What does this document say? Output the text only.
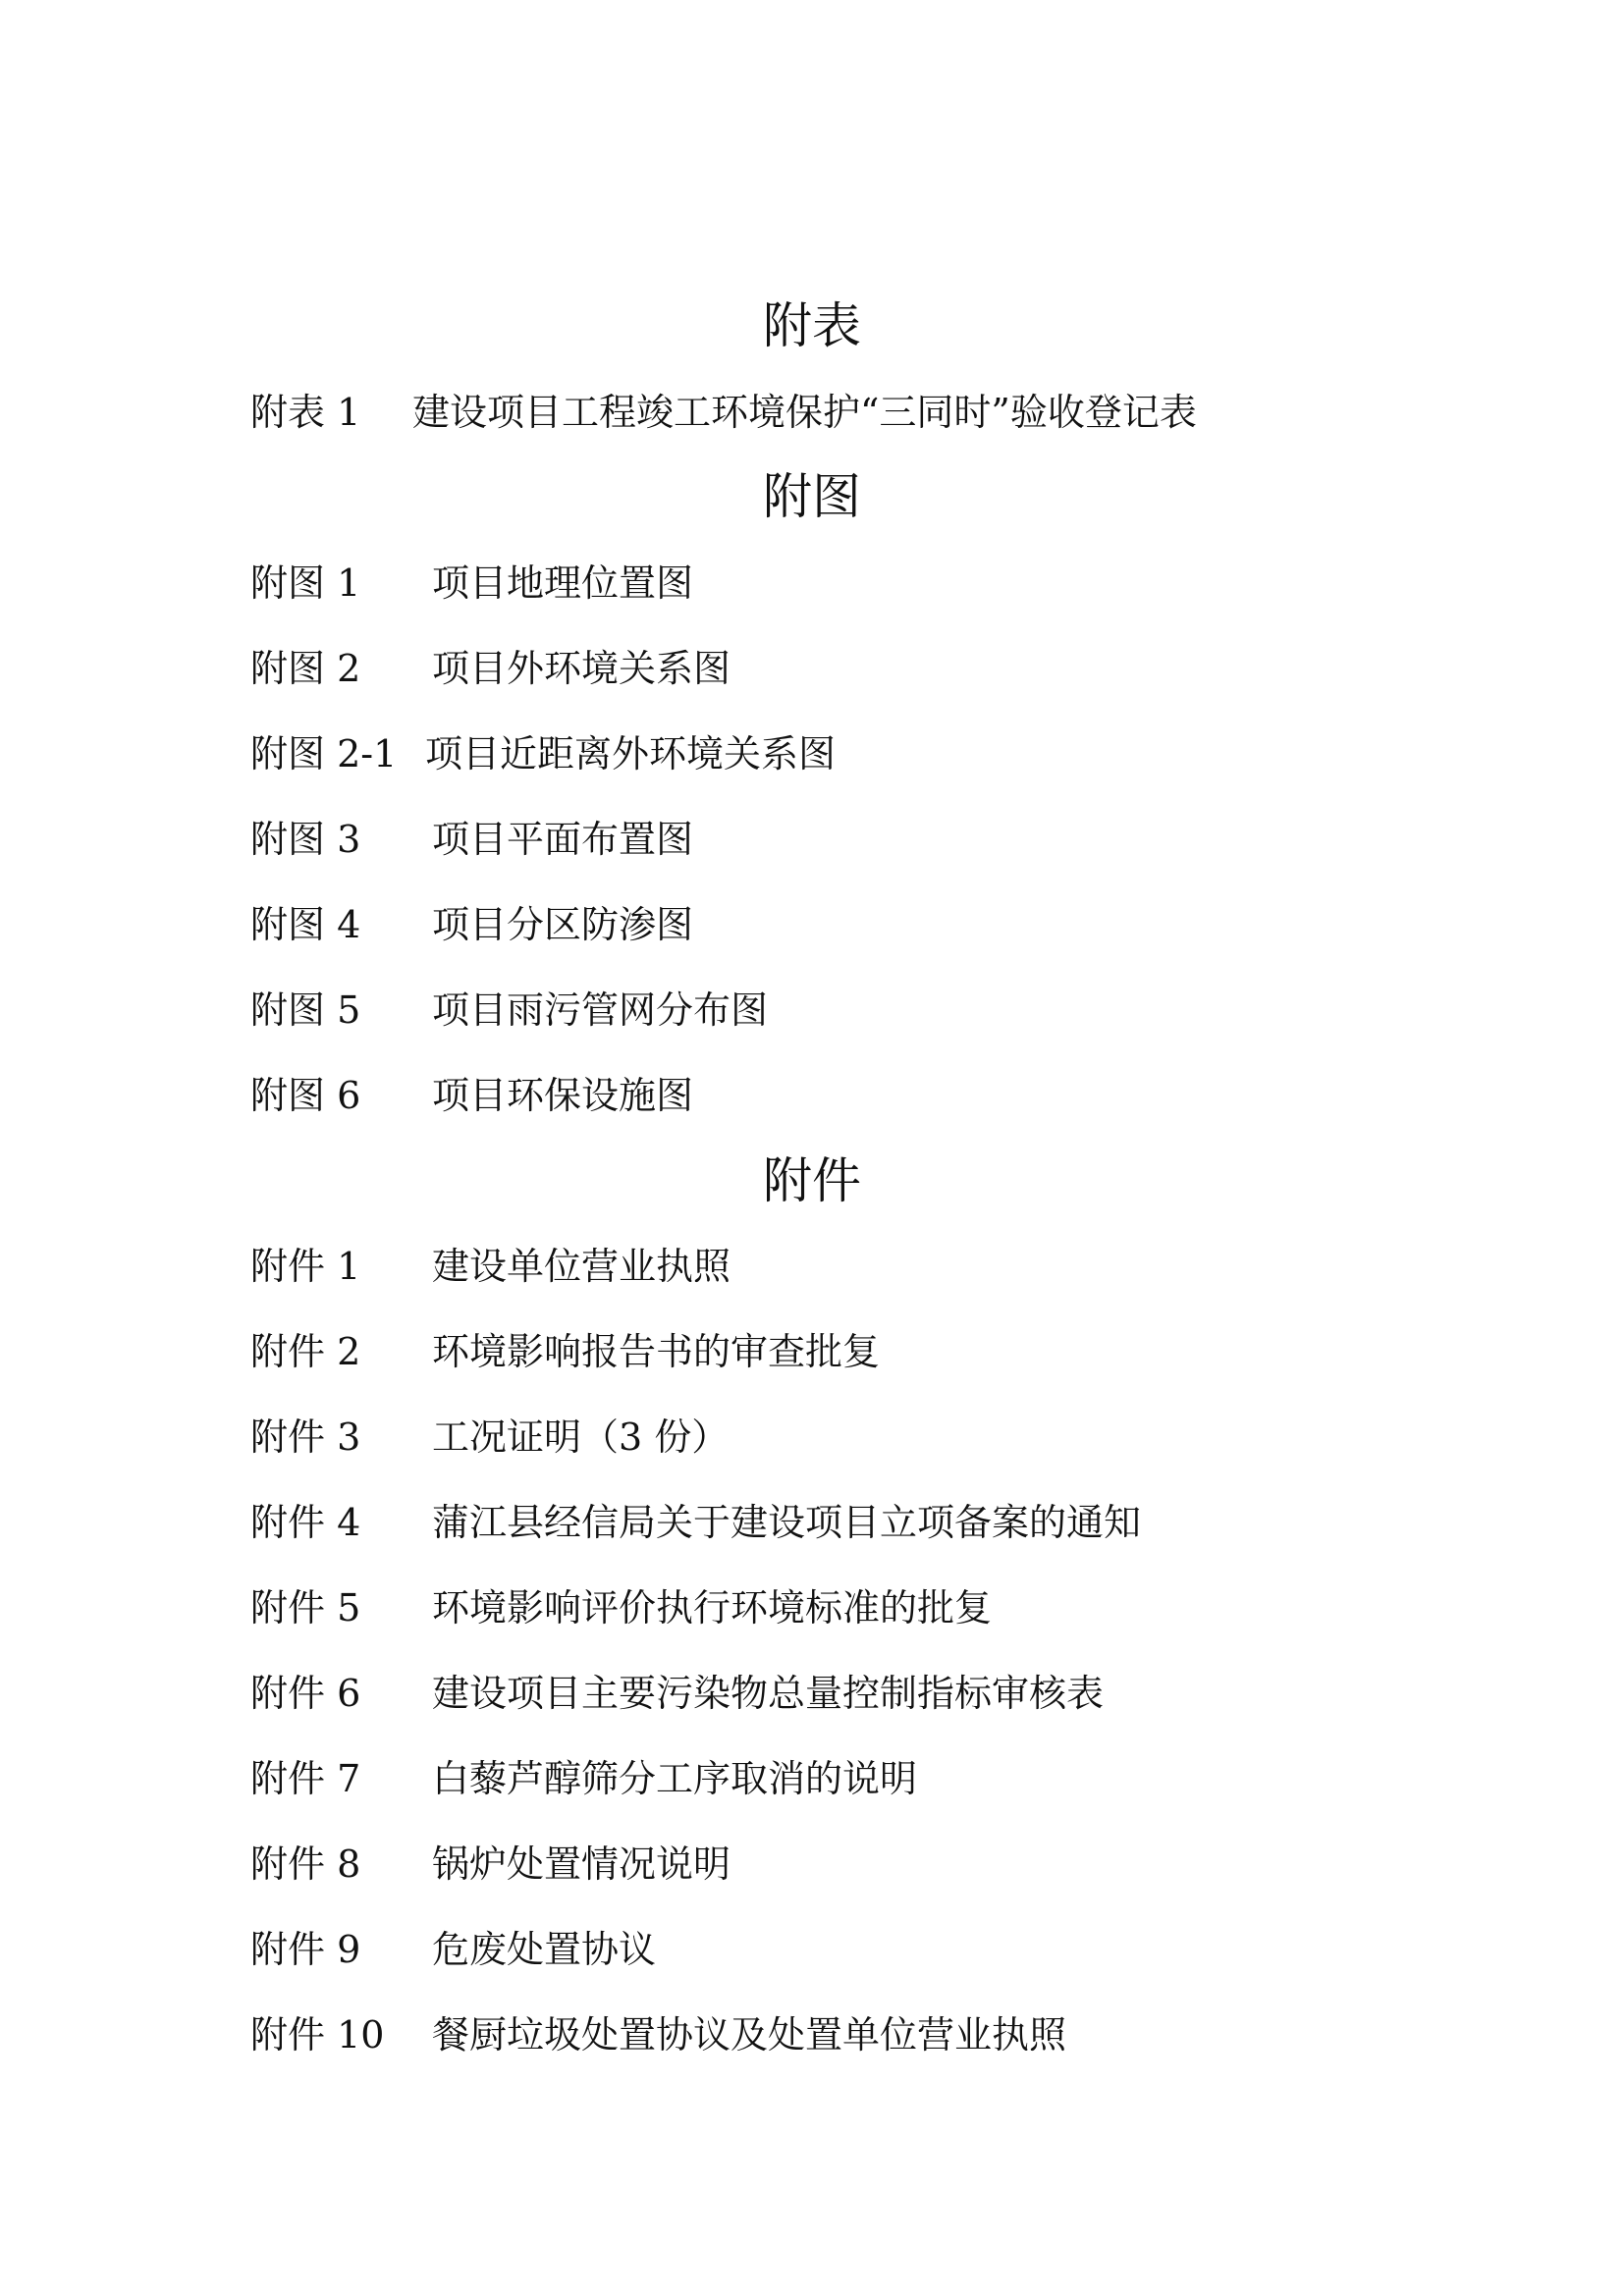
附表
附表 1 建设项目工程竣工环境保护“三同时”验收登记表
附图
附图 1 项目地理位置图
附图 2 项目外环境关系图
附图 2-1 项目近距离外环境关系图
附图 3 项目平面布置图
附图 4 项目分区防渗图
附图 5 项目雨污管网分布图
附图 6 项目环保设施图
附件
附件 1 建设单位营业执照
附件 2 环境影响报告书的审查批复
附件 3 工况证明（3 份）
附件 4 蒲江县经信局关于建设项目立项备案的通知
附件 5 环境影响评价执行环境标准的批复
附件 6 建设项目主要污染物总量控制指标审核表
附件 7 白藜芦醇筛分工序取消的说明
附件 8 锅炉处置情况说明
附件 9 危废处置协议
附件 10 餐厨垃圾处置协议及处置单位营业执照
